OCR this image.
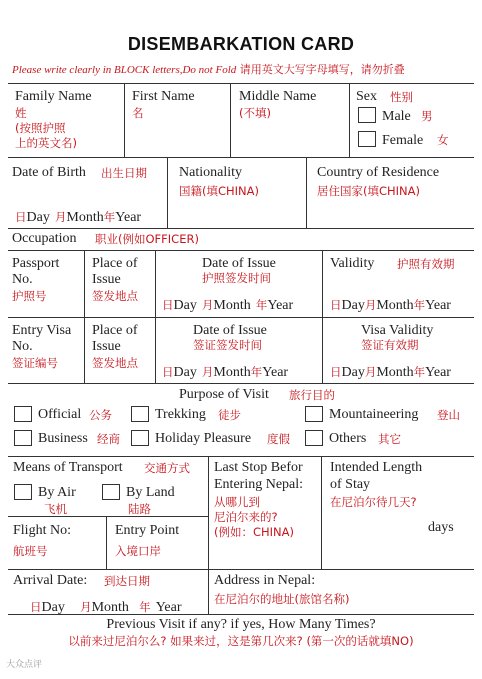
DISEMBARKATION CARD
Please write clearly in BLOCK letters,Do not Fold 请用英文大写字母填写，请勿折叠
Family Name
姓
(按照护照
上的英文名)
First Name
名
Middle Name
(不填)
Sex 性别
Male 男
Female 女
Date of Birth 出生日期
日Day 月Month年Year
Nationality
国籍(填CHINA)
Country of Residence
居住国家(填CHINA)
Occupation 职业(例如OFFICER)
Passport
No.
护照号
Place of
Issue
签发地点
Date of Issue
护照签发时间
日Day 月Month 年Year
Validity 护照有效期
日Day月Month年Year
Entry Visa
No.
签证编号
Place of
Issue
签发地点
Date of Issue
签证签发时间
日Day 月Month年Year
Visa Validity
签证有效期
日Day月Month年Year
Purpose of Visit 旅行目的
Official 公务	Trekking 徒步	Mountaineering 登山
Business 经商	Holiday Pleasure 度假	Others 其它
Means of Transport 交通方式
By Air
飞机
By Land
陆路
Flight No:
航班号
Entry Point
入境口岸
Last Stop Befor
Entering Nepal:
从哪儿到
尼泊尔来的?
(例如：CHINA)
Intended Length
of Stay
在尼泊尔待几天?
days
Arrival Date: 到达日期
日Day 月Month 年 Year
Address in Nepal:
在尼泊尔的地址(旅馆名称)
Previous Visit if any? if yes, How Many Times?
以前来过尼泊尔么? 如果来过，这是第几次来? (第一次的话就填NO)
大众点评
